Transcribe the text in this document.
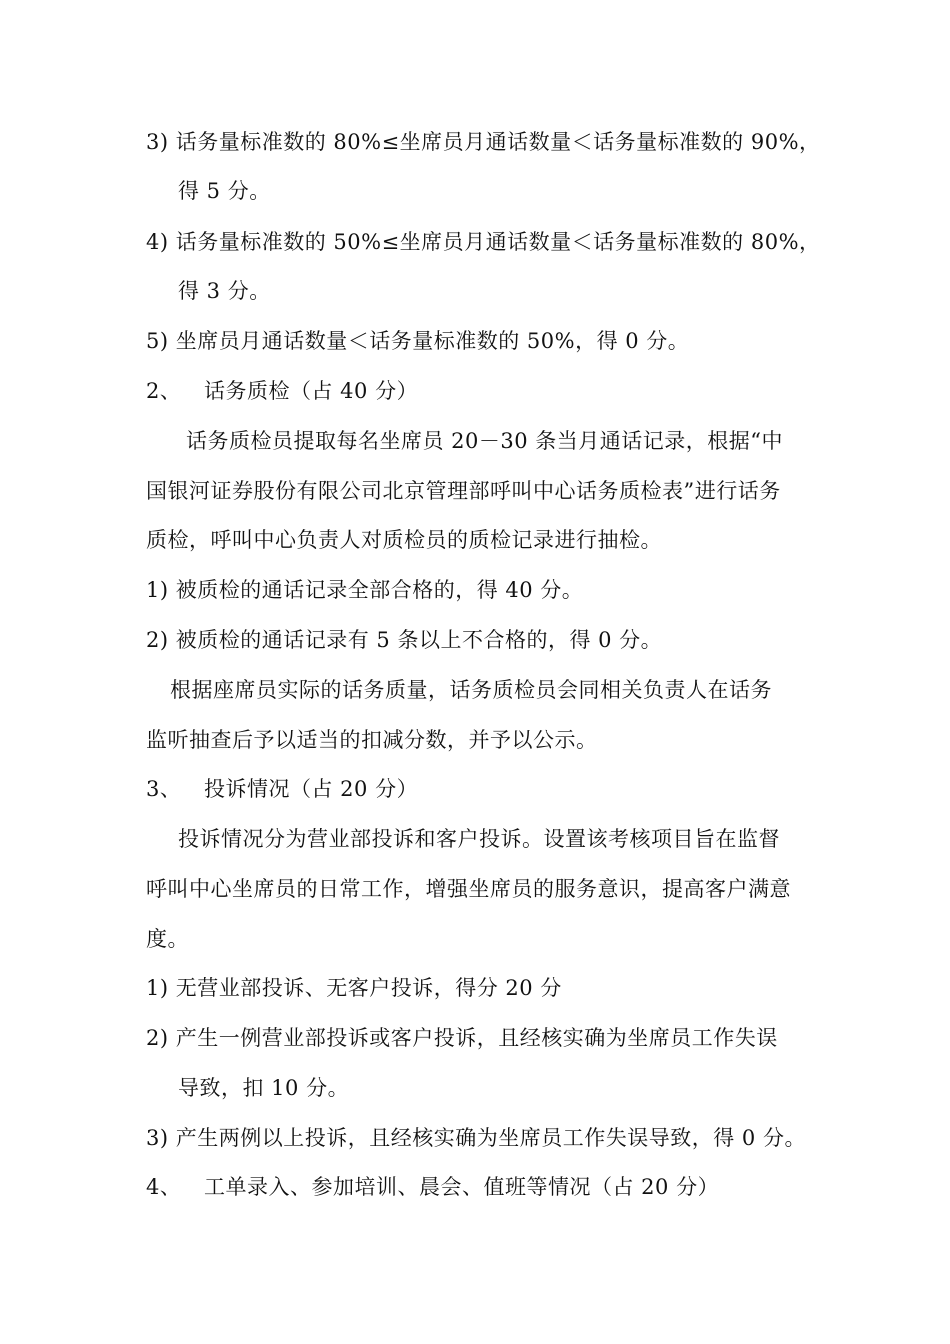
3) 话务量标准数的 80%≤坐席员月通话数量＜话务量标准数的 90%，
得 5 分。
4) 话务量标准数的 50%≤坐席员月通话数量＜话务量标准数的 80%，
得 3 分。
5) 坐席员月通话数量＜话务量标准数的 50%，得 0 分。
2、 话务质检（占 40 分）
话务质检员提取每名坐席员 20－30 条当月通话记录，根据“中
国银河证券股份有限公司北京管理部呼叫中心话务质检表”进行话务
质检，呼叫中心负责人对质检员的质检记录进行抽检。
1) 被质检的通话记录全部合格的，得 40 分。
2) 被质检的通话记录有 5 条以上不合格的，得 0 分。
根据座席员实际的话务质量，话务质检员会同相关负责人在话务
监听抽查后予以适当的扣减分数，并予以公示。
3、 投诉情况（占 20 分）
投诉情况分为营业部投诉和客户投诉。设置该考核项目旨在监督
呼叫中心坐席员的日常工作，增强坐席员的服务意识，提高客户满意
度。
1) 无营业部投诉、无客户投诉，得分 20 分
2) 产生一例营业部投诉或客户投诉，且经核实确为坐席员工作失误
导致，扣 10 分。
3) 产生两例以上投诉，且经核实确为坐席员工作失误导致，得 0 分。
4、 工单录入、参加培训、晨会、值班等情况（占 20 分）
